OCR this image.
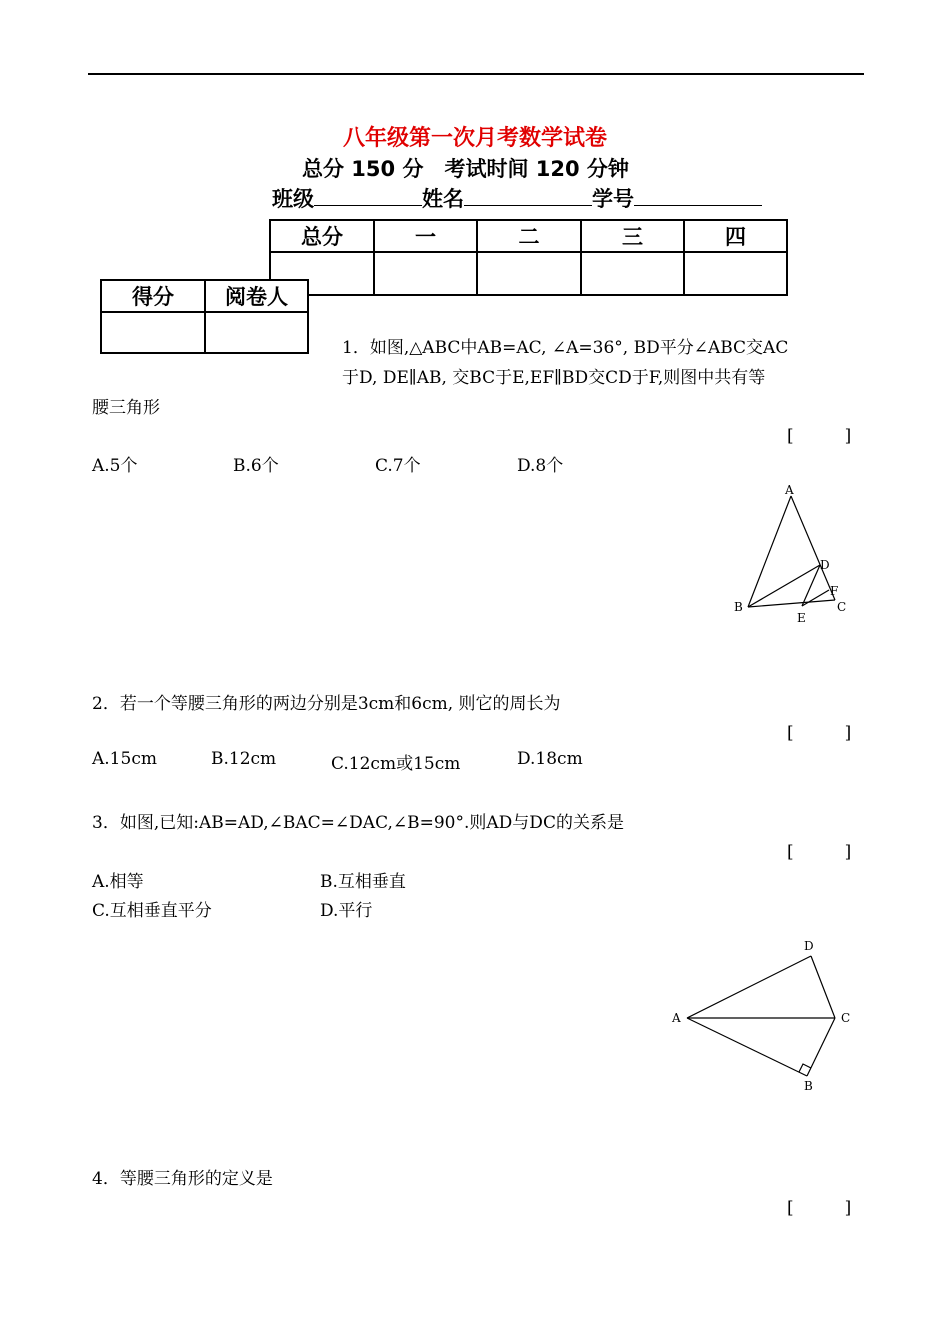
八年级第一次月考数学试卷
总分 150 分　考试时间 120 分钟
班级	姓名	学号
总分	一	二	三	四

得分	阅卷人

1．如图,△ABC中AB=AC, ∠A=36°, BD平分∠ABC交AC
于D, DE∥AB, 交BC于E,EF∥BD交CD于F,则图中共有等
腰三角形
[　　　]
A.5个	B.6个	C.7个	D.8个
A
B	C
D
E
F
2．若一个等腰三角形的两边分别是3cm和6cm, 则它的周长为
[　　　]
A.15cm	B.12cm	C.12cm或15cm	D.18cm
3．如图,已知:AB=AD,∠BAC=∠DAC,∠B=90°.则AD与DC的关系是
[　　　]
A.相等	B.互相垂直
C.互相垂直平分	D.平行
A
B
C
D
4．等腰三角形的定义是
[　　　]
